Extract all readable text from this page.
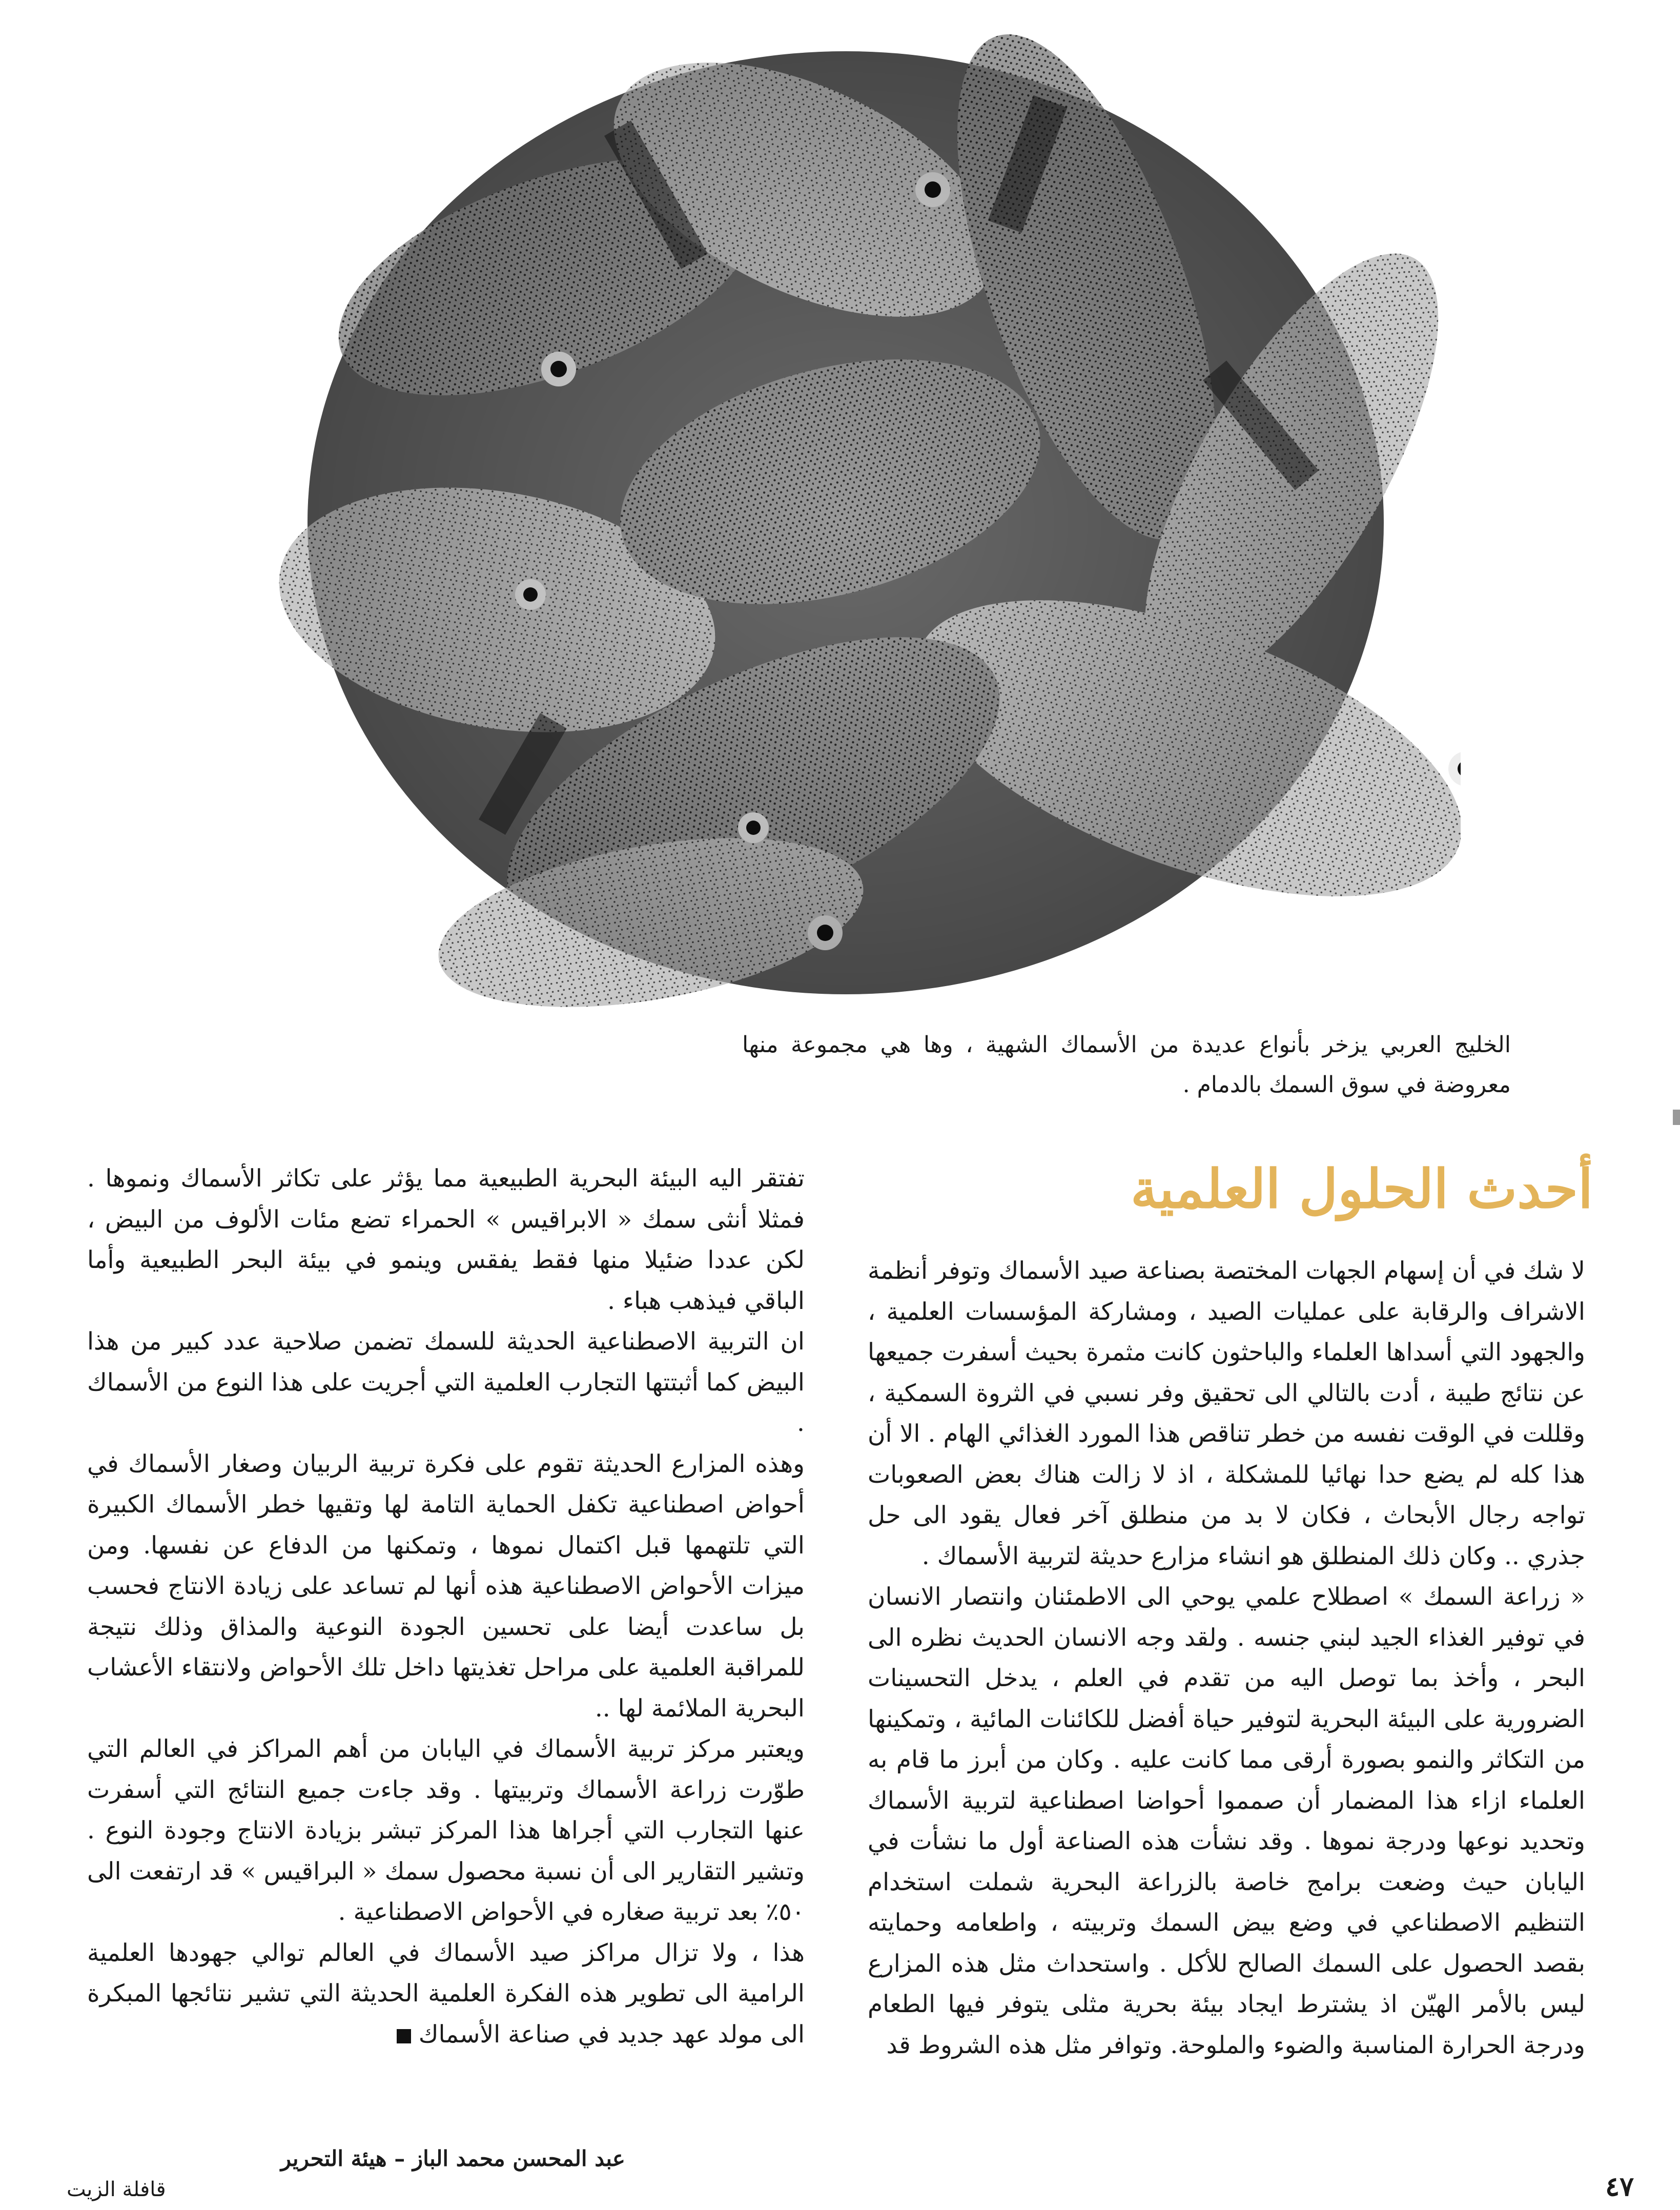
الخليج العربي يزخر بأنواع عديدة من الأسماك الشهية ، وها هي مجموعة منها معروضة في سوق السمك بالدمام .
أحدث الحلول العلمية

لا شك في أن إسهام الجهات المختصة بصناعة صيد الأسماك وتوفر أنظمة الاشراف والرقابة على عمليات الصيد ، ومشاركة المؤسسات العلمية ، والجهود التي أسداها العلماء والباحثون كانت مثمرة بحيث أسفرت جميعها عن نتائج طيبة ، أدت بالتالي الى تحقيق وفر نسبي في الثروة السمكية ، وقللت في الوقت نفسه من خطر تناقص هذا المورد الغذائي الهام . الا أن هذا كله لم يضع حدا نهائيا للمشكلة ، اذ لا زالت هناك بعض الصعوبات تواجه رجال الأبحاث ، فكان لا بد من منطلق آخر فعال يقود الى حل جذري .. وكان ذلك المنطلق هو انشاء مزارع حديثة لتربية الأسماك .

« زراعة السمك » اصطلاح علمي يوحي الى الاطمئنان وانتصار الانسان في توفير الغذاء الجيد لبني جنسه . ولقد وجه الانسان الحديث نظره الى البحر ، وأخذ بما توصل اليه من تقدم في العلم ، يدخل التحسينات الضرورية على البيئة البحرية لتوفير حياة أفضل للكائنات المائية ، وتمكينها من التكاثر والنمو بصورة أرقى مما كانت عليه . وكان من أبرز ما قام به العلماء ازاء هذا المضمار أن صمموا أحواضا اصطناعية لتربية الأسماك وتحديد نوعها ودرجة نموها . وقد نشأت هذه الصناعة أول ما نشأت في اليابان حيث وضعت برامج خاصة بالزراعة البحرية شملت استخدام التنظيم الاصطناعي في وضع بيض السمك وتربيته ، واطعامه وحمايته بقصد الحصول على السمك الصالح للأكل . واستحداث مثل هذه المزارع ليس بالأمر الهيّن اذ يشترط ايجاد بيئة بحرية مثلى يتوفر فيها الطعام ودرجة الحرارة المناسبة والضوء والملوحة. وتوافر مثل هذه الشروط قد

تفتقر اليه البيئة البحرية الطبيعية مما يؤثر على تكاثر الأسماك ونموها . فمثلا أنثى سمك « الابراقيس » الحمراء تضع مئات الألوف من البيض ، لكن عددا ضئيلا منها فقط يفقس وينمو في بيئة البحر الطبيعية وأما الباقي فيذهب هباء .

ان التربية الاصطناعية الحديثة للسمك تضمن صلاحية عدد كبير من هذا البيض كما أثبتتها التجارب العلمية التي أجريت على هذا النوع من الأسماك .

وهذه المزارع الحديثة تقوم على فكرة تربية الربيان وصغار الأسماك في أحواض اصطناعية تكفل الحماية التامة لها وتقيها خطر الأسماك الكبيرة التي تلتهمها قبل اكتمال نموها ، وتمكنها من الدفاع عن نفسها. ومن ميزات الأحواض الاصطناعية هذه أنها لم تساعد على زيادة الانتاج فحسب بل ساعدت أيضا على تحسين الجودة النوعية والمذاق وذلك نتيجة للمراقبة العلمية على مراحل تغذيتها داخل تلك الأحواض ولانتقاء الأعشاب البحرية الملائمة لها ..

ويعتبر مركز تربية الأسماك في اليابان من أهم المراكز في العالم التي طوّرت زراعة الأسماك وتربيتها . وقد جاءت جميع النتائج التي أسفرت عنها التجارب التي أجراها هذا المركز تبشر بزيادة الانتاج وجودة النوع . وتشير التقارير الى أن نسبة محصول سمك « البراقيس » قد ارتفعت الى ٥٠٪ بعد تربية صغاره في الأحواض الاصطناعية .

هذا ، ولا تزال مراكز صيد الأسماك في العالم توالي جهودها العلمية الرامية الى تطوير هذه الفكرة العلمية الحديثة التي تشير نتائجها المبكرة الى مولد عهد جديد في صناعة الأسماك

عبد المحسن محمد الباز – هيئة التحرير
قافلة الزيت	٤٧
